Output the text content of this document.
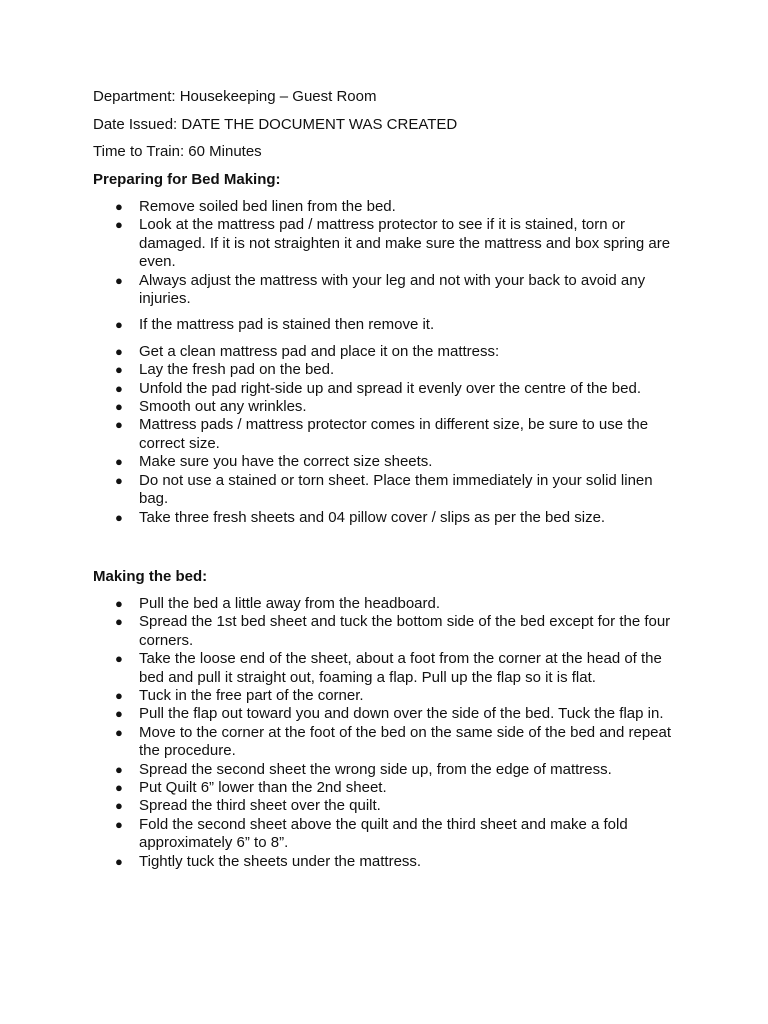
Department: Housekeeping – Guest Room
Date Issued: DATE THE DOCUMENT WAS CREATED
Time to Train: 60 Minutes
Preparing for Bed Making:
● Remove soiled bed linen from the bed.
● Look at the mattress pad / mattress protector to see if it is stained, torn or damaged. If it is not straighten it and make sure the mattress and box spring are even.
● Always adjust the mattress with your leg and not with your back to avoid any injuries.
● If the mattress pad is stained then remove it.
● Get a clean mattress pad and place it on the mattress:
● Lay the fresh pad on the bed.
● Unfold the pad right-side up and spread it evenly over the centre of the bed.
● Smooth out any wrinkles.
● Mattress pads / mattress protector comes in different size, be sure to use the correct size.
● Make sure you have the correct size sheets.
● Do not use a stained or torn sheet. Place them immediately in your solid linen bag.
● Take three fresh sheets and 04 pillow cover / slips as per the bed size.
Making the bed:
● Pull the bed a little away from the headboard.
● Spread the 1st bed sheet and tuck the bottom side of the bed except for the four corners.
● Take the loose end of the sheet, about a foot from the corner at the head of the bed and pull it straight out, foaming a flap. Pull up the flap so it is flat.
● Tuck in the free part of the corner.
● Pull the flap out toward you and down over the side of the bed. Tuck the flap in.
● Move to the corner at the foot of the bed on the same side of the bed and repeat the procedure.
● Spread the second sheet the wrong side up, from the edge of mattress.
● Put Quilt 6” lower than the 2nd sheet.
● Spread the third sheet over the quilt.
● Fold the second sheet above the quilt and the third sheet and make a fold approximately 6” to 8”.
● Tightly tuck the sheets under the mattress.
